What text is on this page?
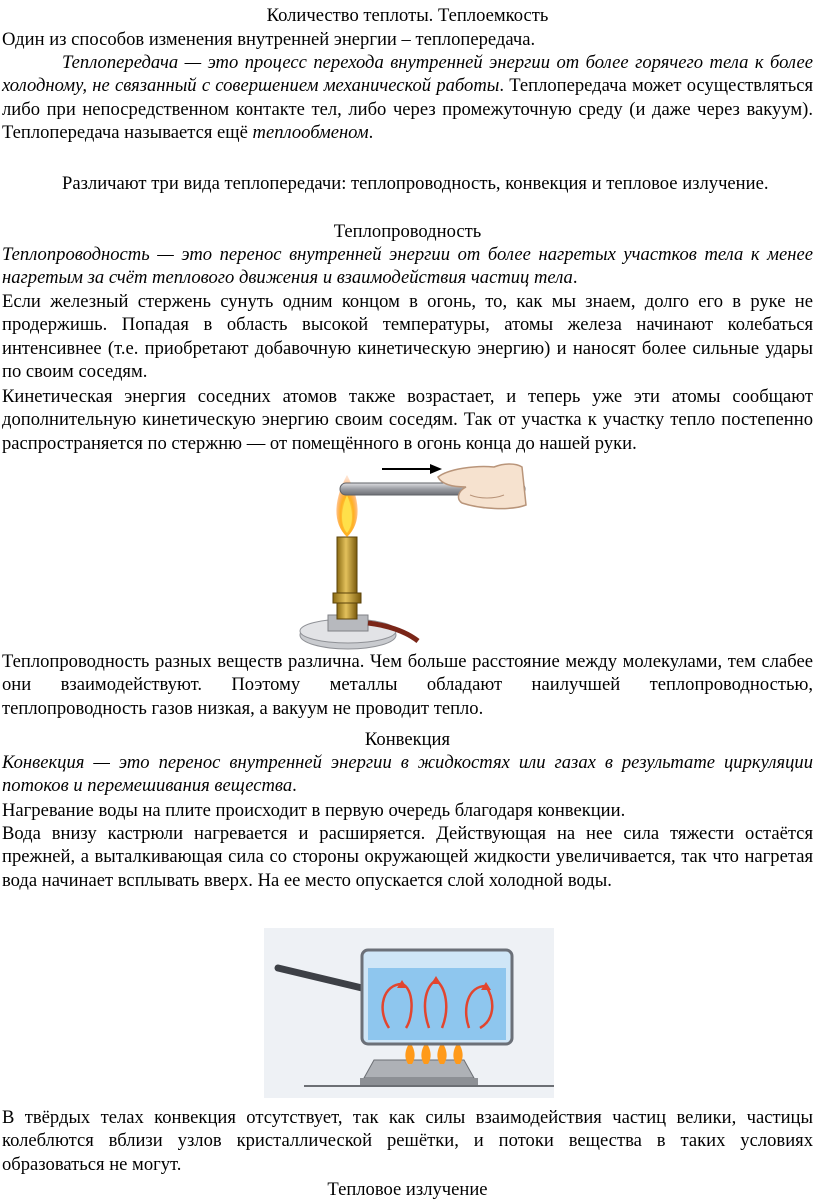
Количество теплоты. Теплоемкость

Один из способов изменения внутренней энергии – теплопередача.

Теплопередача — это процесс перехода внутренней энергии от более горячего тела к более холодному, не связанный с совершением механической работы. Теплопередача может осуществляться либо при непосредственном контакте тел, либо через промежуточную среду (и даже через вакуум). Теплопередача называется ещё теплообменом.

Различают три вида теплопередачи: теплопроводность, конвекция и тепловое излучение.

Теплопроводность

Теплопроводность — это перенос внутренней энергии от более нагретых участков тела к менее нагретым за счёт теплового движения и взаимодействия частиц тела.

Если железный стержень сунуть одним концом в огонь, то, как мы знаем, долго его в руке не продержишь. Попадая в область высокой температуры, атомы железа начинают колебаться интенсивнее (т.е. приобретают добавочную кинетическую энергию) и наносят более сильные удары по своим соседям.

Кинетическая энергия соседних атомов также возрастает, и теперь уже эти атомы сообщают дополнительную кинетическую энергию своим соседям. Так от участка к участку тепло постепенно распространяется по стержню — от помещённого в огонь конца до нашей руки.

Теплопроводность разных веществ различна. Чем больше расстояние между молекулами, тем слабее они взаимодействуют. Поэтому металлы обладают наилучшей теплопроводностью, теплопроводность газов низкая, а вакуум не проводит тепло.

Конвекция

Конвекция — это перенос внутренней энергии в жидкостях или газах в результате циркуляции потоков и перемешивания вещества.

Нагревание воды на плите происходит в первую очередь благодаря конвекции.

Вода внизу кастрюли нагревается и расширяется. Действующая на нее сила тяжести остаётся прежней, а выталкивающая сила со стороны окружающей жидкости увеличивается, так что нагретая вода начинает всплывать вверх. На ее место опускается слой холодной воды.

В твёрдых телах конвекция отсутствует, так как силы взаимодействия частиц велики, частицы колеблются вблизи узлов кристаллической решётки, и потоки вещества в таких условиях образоваться не могут.

Тепловое излучение
